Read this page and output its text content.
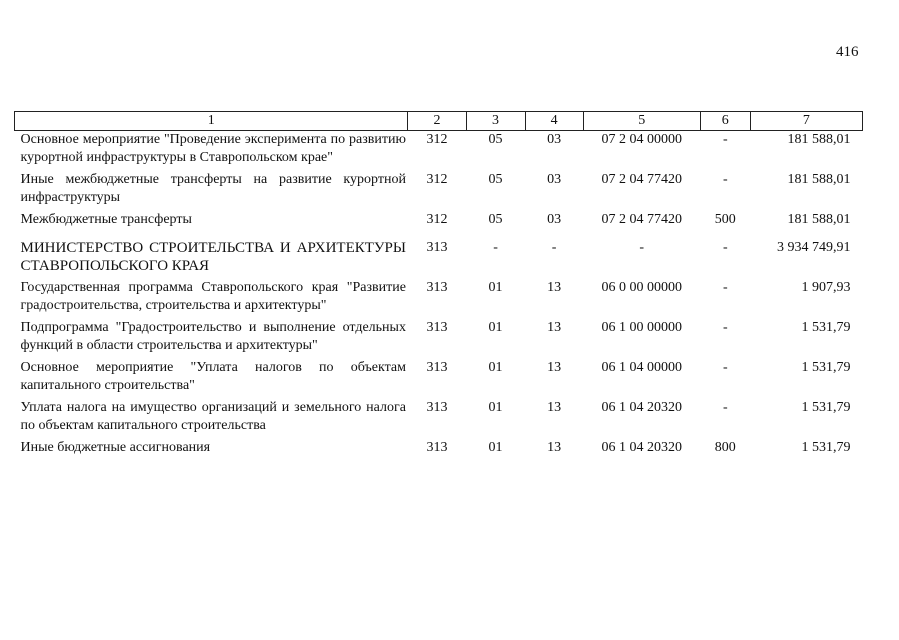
416
1	2	3	4	5	6	7
Основное мероприятие "Проведение эксперимента по развитию курортной инфраструктуры в Ставропольском крае"	312	05	03	07 2 04 00000	-	181 588,01
Иные межбюджетные трансферты на развитие курортной инфраструктуры	312	05	03	07 2 04 77420	-	181 588,01
Межбюджетные трансферты	312	05	03	07 2 04 77420	500	181 588,01
МИНИСТЕРСТВО СТРОИТЕЛЬСТВА И АРХИТЕКТУРЫ СТАВРОПОЛЬСКОГО КРАЯ	313	-	-	-	-	3 934 749,91
Государственная программа Ставропольского края "Развитие градостроительства, строительства и архитектуры"	313	01	13	06 0 00 00000	-	1 907,93
Подпрограмма "Градостроительство и выполнение отдельных функций в области строительства и архитектуры"	313	01	13	06 1 00 00000	-	1 531,79
Основное мероприятие "Уплата налогов по объектам капитального строительства"	313	01	13	06 1 04 00000	-	1 531,79
Уплата налога на имущество организаций и земельного налога по объектам капитального строительства	313	01	13	06 1 04 20320	-	1 531,79
Иные бюджетные ассигнования	313	01	13	06 1 04 20320	800	1 531,79
